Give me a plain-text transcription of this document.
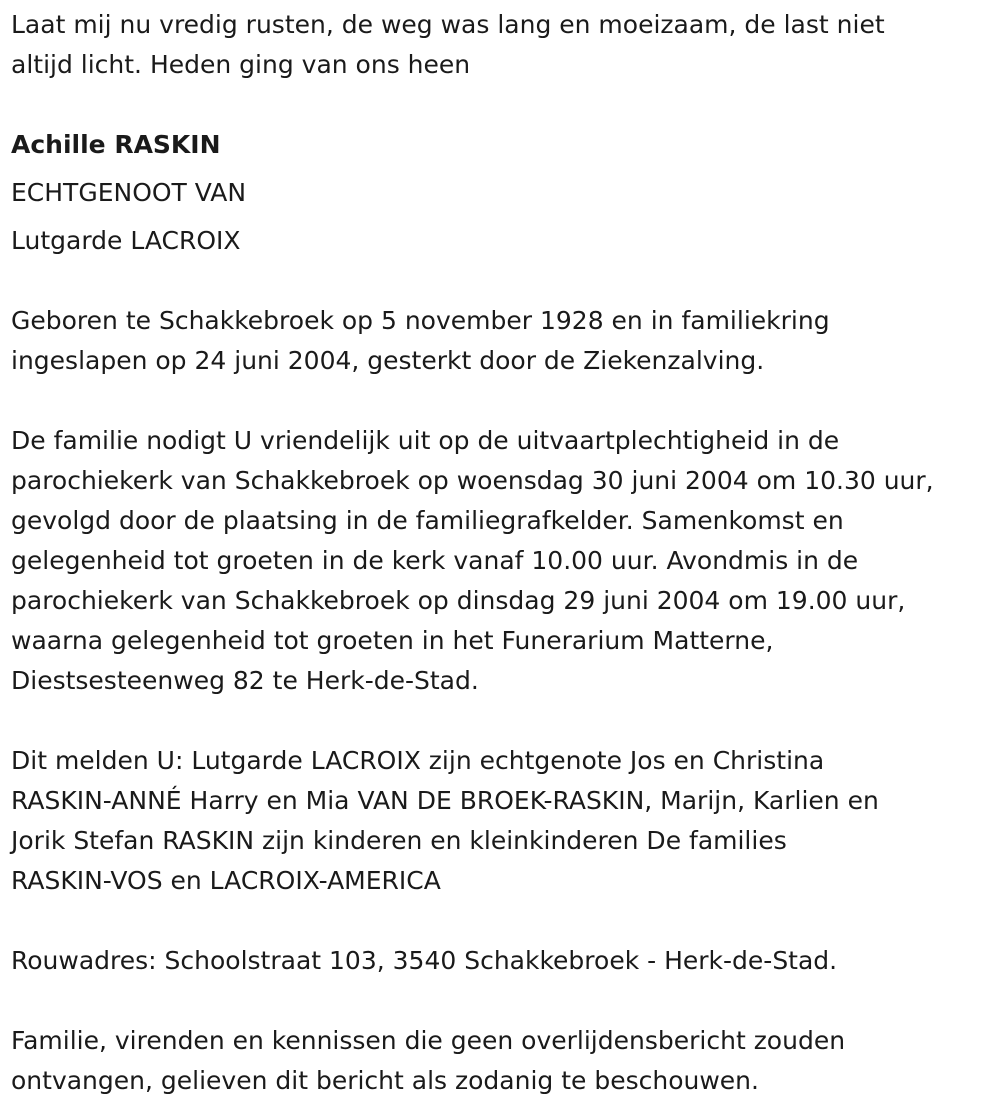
Laat mij nu vredig rusten, de weg was lang en moeizaam, de last niet
altijd licht. Heden ging van ons heen

Achille RASKIN
ECHTGENOOT VAN
Lutgarde LACROIX

Geboren te Schakkebroek op 5 november 1928 en in familiekring
ingeslapen op 24 juni 2004, gesterkt door de Ziekenzalving.

De familie nodigt U vriendelijk uit op de uitvaartplechtigheid in de
parochiekerk van Schakkebroek op woensdag 30 juni 2004 om 10.30 uur,
gevolgd door de plaatsing in de familiegrafkelder. Samenkomst en
gelegenheid tot groeten in de kerk vanaf 10.00 uur. Avondmis in de
parochiekerk van Schakkebroek op dinsdag 29 juni 2004 om 19.00 uur,
waarna gelegenheid tot groeten in het Funerarium Matterne,
Diestsesteenweg 82 te Herk-de-Stad.

Dit melden U: Lutgarde LACROIX zijn echtgenote Jos en Christina
RASKIN-ANNÉ Harry en Mia VAN DE BROEK-RASKIN, Marijn, Karlien en
Jorik Stefan RASKIN zijn kinderen en kleinkinderen De families
RASKIN-VOS en LACROIX-AMERICA

Rouwadres: Schoolstraat 103, 3540 Schakkebroek - Herk-de-Stad.

Familie, virenden en kennissen die geen overlijdensbericht zouden
ontvangen, gelieven dit bericht als zodanig te beschouwen.
